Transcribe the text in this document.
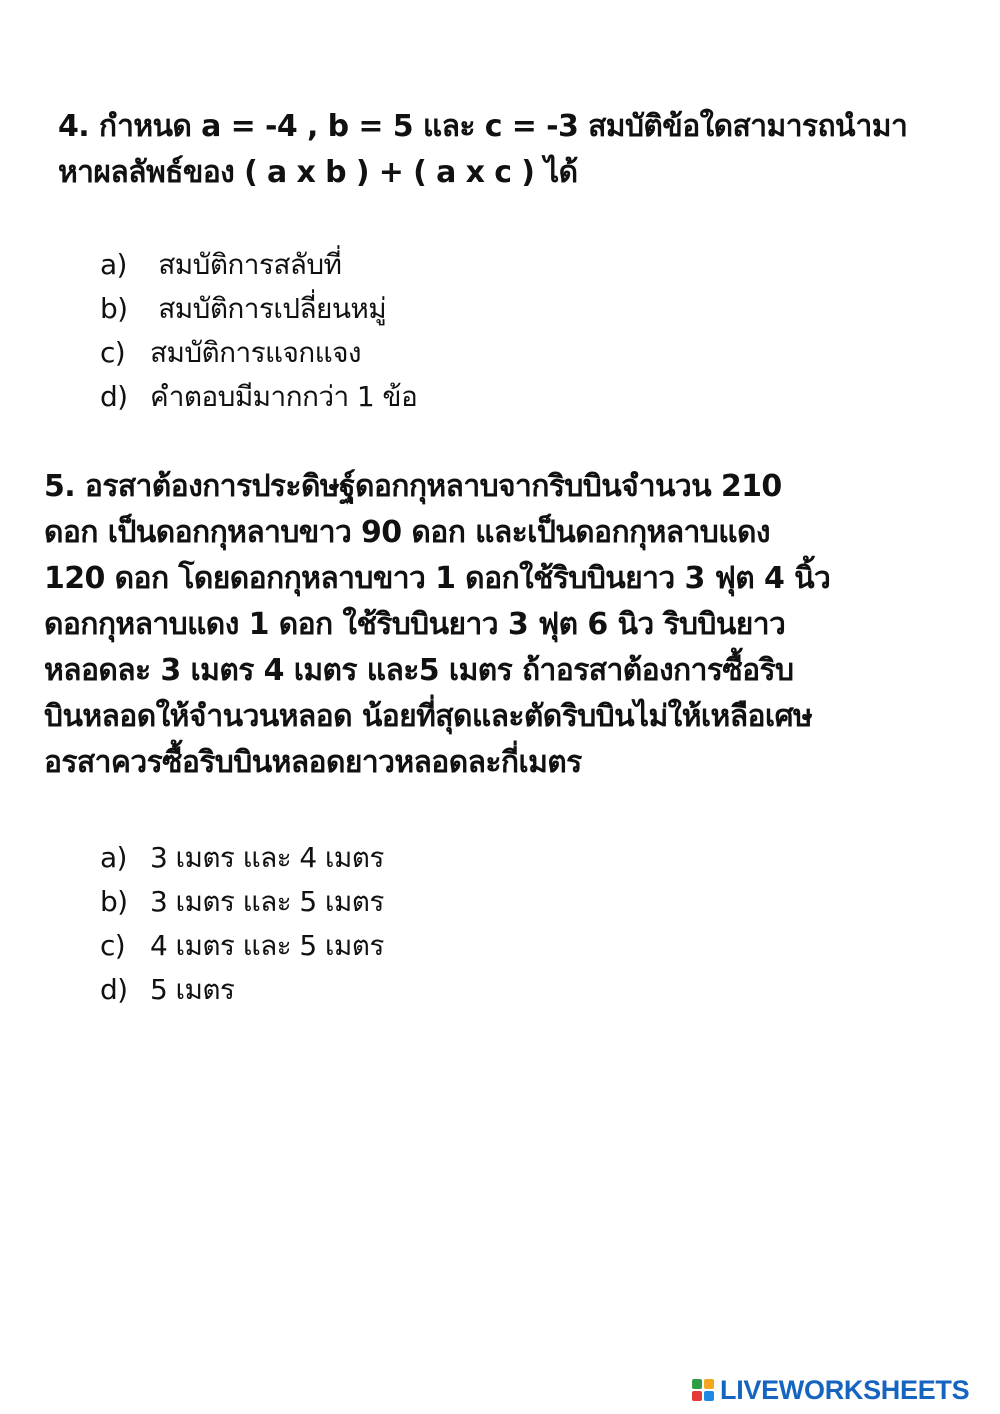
4. กำหนด a = -4 , b = 5 และ c = -3 สมบัติข้อใดสามารถนำมา
หาผลลัพธ์ของ ( a x b ) + ( a x c ) ได้
a) สมบัติการสลับที่
b) สมบัติการเปลี่ยนหมู่
c) สมบัติการแจกแจง
d) คำตอบมีมากกว่า 1 ข้อ
5. อรสาต้องการประดิษฐ์ดอกกุหลาบจากริบบินจำนวน 210
ดอก เป็นดอกกุหลาบขาว 90 ดอก และเป็นดอกกุหลาบแดง
120 ดอก โดยดอกกุหลาบขาว 1 ดอกใช้ริบบินยาว 3 ฟุต 4 นิ้ว
ดอกกุหลาบแดง 1 ดอก ใช้ริบบินยาว 3 ฟุต 6 นิว ริบบินยาว
หลอดละ 3 เมตร 4 เมตร และ5 เมตร ถ้าอรสาต้องการซื้อริบ
บินหลอดให้จำนวนหลอด น้อยที่สุดและตัดริบบินไม่ให้เหลือเศษ
อรสาควรซื้อริบบินหลอดยาวหลอดละกี่เมตร
a) 3 เมตร และ 4 เมตร
b) 3 เมตร และ 5 เมตร
c) 4 เมตร และ 5 เมตร
d) 5 เมตร
LIVEWORKSHEETS
